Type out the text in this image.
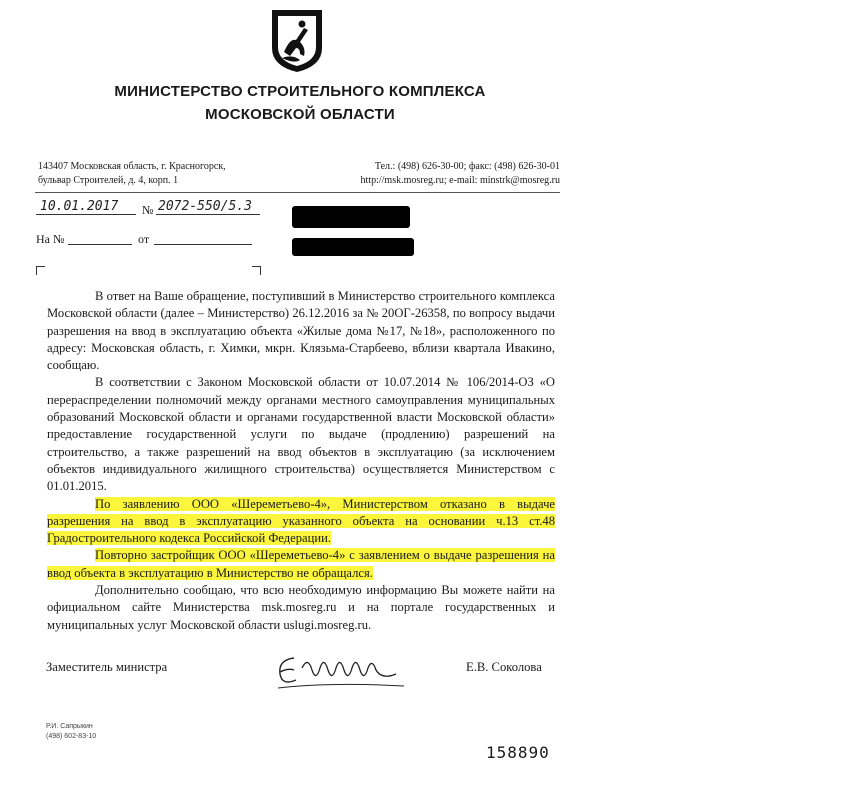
МИНИСТЕРСТВО СТРОИТЕЛЬНОГО КОМПЛЕКСА
МОСКОВСКОЙ ОБЛАСТИ
143407 Московская область, г. Красногорск,
бульвар Строителей, д. 4, корп. 1
Тел.: (498) 626-30-00; факс: (498) 626-30-01
http://msk.mosreg.ru; e-mail: minstrk@mosreg.ru
10.01.2017 № 2072-550/5.3
На №	от

В ответ на Ваше обращение, поступивший в Министерство строительного комплекса Московской области (далее – Министерство) 26.12.2016 за № 20ОГ-26358, по вопросу выдачи разрешения на ввод в эксплуатацию объекта «Жилые дома №17, №18», расположенного по адресу: Московская область, г. Химки, мкрн. Клязьма-Старбеево, вблизи квартала Ивакино, сообщаю.

В соответствии с Законом Московской области от 10.07.2014 № 106/2014-ОЗ «О перераспределении полномочий между органами местного самоуправления муниципальных образований Московской области и органами государственной власти Московской области» предоставление государственной услуги по выдаче (продлению) разрешений на строительство, а также разрешений на ввод объектов в эксплуатацию (за исключением объектов индивидуального жилищного строительства) осуществляется Министерством с 01.01.2015.

По заявлению ООО «Шереметьево-4», Министерством отказано в выдаче разрешения на ввод в эксплуатацию указанного объекта на основании ч.13 ст.48 Градостроительного кодекса Российской Федерации.

Повторно застройщик ООО «Шереметьево-4» с заявлением о выдаче разрешения на ввод объекта в эксплуатацию в Министерство не обращался.

Дополнительно сообщаю, что всю необходимую информацию Вы можете найти на официальном сайте Министерства msk.mosreg.ru и на портале государственных и муниципальных услуг Московской области uslugi.mosreg.ru.

Заместитель министра	Е.В. Соколова
Р.И. Сапрыкин
(498) 602-83-10
158890
